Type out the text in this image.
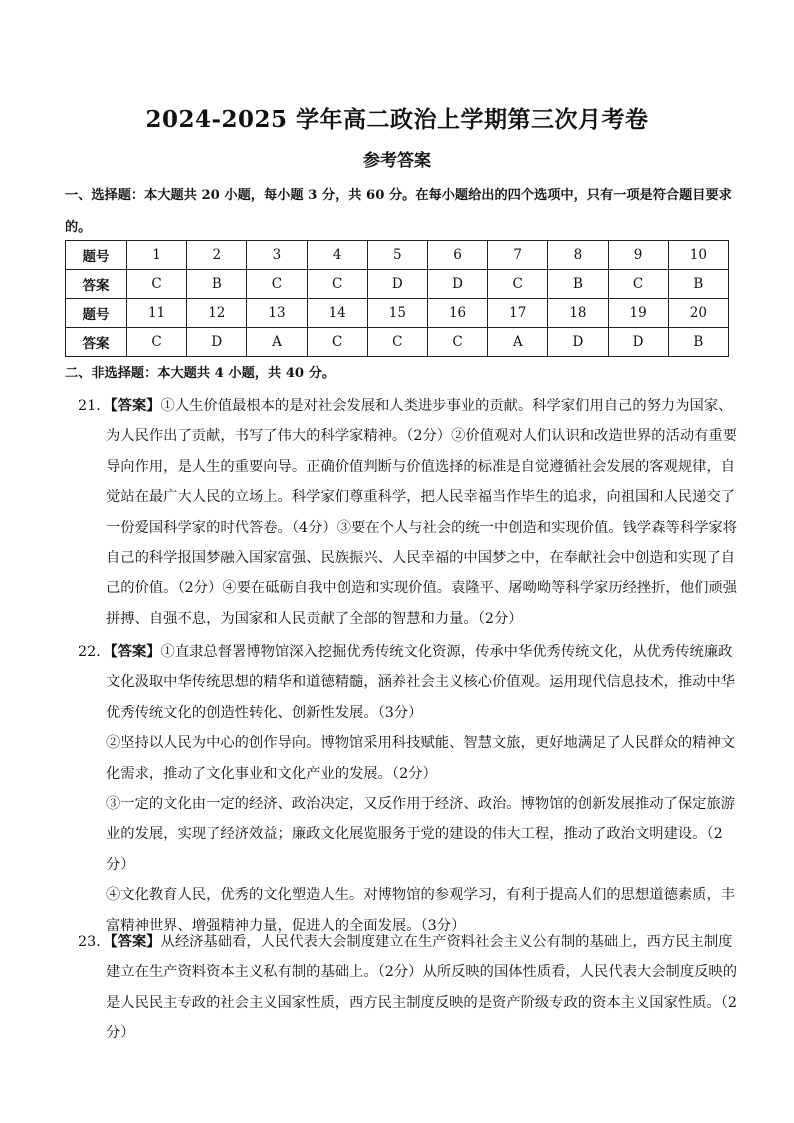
2024-2025 学年高二政治上学期第三次月考卷
参考答案
一、选择题：本大题共 20 小题，每小题 3 分，共 60 分。在每小题给出的四个选项中，只有一项是符合题目要求的。
题号	1	2	3	4	5	6	7	8	9	10
答案	C	B	C	C	D	D	C	B	C	B
题号	11	12	13	14	15	16	17	18	19	20
答案	C	D	A	C	C	C	A	D	D	B
二、非选择题：本大题共 4 小题，共 40 分。

21．【答案】①人生价值最根本的是对社会发展和人类进步事业的贡献。科学家们用自己的努力为国家、为人民作出了贡献，书写了伟大的科学家精神。（2分）②价值观对人们认识和改造世界的活动有重要导向作用，是人生的重要向导。正确价值判断与价值选择的标准是自觉遵循社会发展的客观规律，自觉站在最广大人民的立场上。科学家们尊重科学，把人民幸福当作毕生的追求，向祖国和人民递交了一份爱国科学家的时代答卷。（4分）③要在个人与社会的统一中创造和实现价值。钱学森等科学家将自己的科学报国梦融入国家富强、民族振兴、人民幸福的中国梦之中，在奉献社会中创造和实现了自己的价值。（2分）④要在砥砺自我中创造和实现价值。袁隆平、屠呦呦等科学家历经挫折，他们顽强拼搏、自强不息，为国家和人民贡献了全部的智慧和力量。（2分）

22．【答案】①直隶总督署博物馆深入挖掘优秀传统文化资源，传承中华优秀传统文化，从优秀传统廉政文化汲取中华传统思想的精华和道德精髓，涵养社会主义核心价值观。运用现代信息技术，推动中华优秀传统文化的创造性转化、创新性发展。（3分）

②坚持以人民为中心的创作导向。博物馆采用科技赋能、智慧文旅，更好地满足了人民群众的精神文化需求，推动了文化事业和文化产业的发展。（2分）

③一定的文化由一定的经济、政治决定，又反作用于经济、政治。博物馆的创新发展推动了保定旅游业的发展，实现了经济效益；廉政文化展览服务于党的建设的伟大工程，推动了政治文明建设。（2分）

④文化教育人民，优秀的文化塑造人生。对博物馆的参观学习，有利于提高人们的思想道德素质，丰富精神世界、增强精神力量，促进人的全面发展。（3分）

23．【答案】从经济基础看，人民代表大会制度建立在生产资料社会主义公有制的基础上，西方民主制度建立在生产资料资本主义私有制的基础上。（2分）从所反映的国体性质看，人民代表大会制度反映的是人民民主专政的社会主义国家性质，西方民主制度反映的是资产阶级专政的资本主义国家性质。（2分）
